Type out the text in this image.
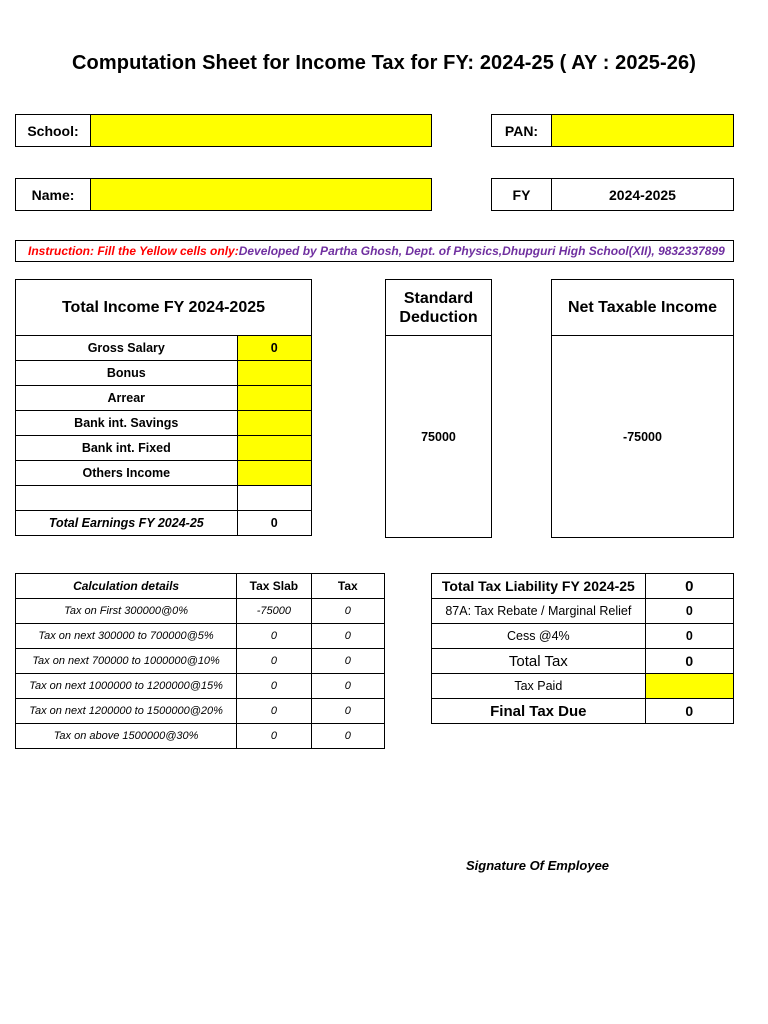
Computation Sheet for Income Tax for FY: 2024-25 ( AY : 2025-26)
School:	PAN:
Name:	FY	2024-2025
Instruction: Fill the Yellow cells only: Developed by Partha Ghosh, Dept. of Physics,Dhupguri High School(XII), 9832337899
Total Income FY 2024-2025	
Gross Salary	0
Bonus	
Arrear	
Bank int. Savings	
Bank int. Fixed	
Others Income	

Total Earnings FY 2024-25	0
Standard Deduction
75000
Net Taxable Income
-75000
Calculation details	Tax Slab	Tax
Tax on First 300000@0%	-75000	0
Tax on next 300000 to 700000@5%	0	0
Tax on next 700000 to 1000000@10%	0	0
Tax on next 1000000 to 1200000@15%	0	0
Tax on next 1200000 to 1500000@20%	0	0
Tax on above 1500000@30%	0	0
Total Tax Liability FY 2024-25	0
87A: Tax Rebate / Marginal Relief	0
Cess @4%	0
Total Tax	0
Tax Paid	
Final Tax Due	0
Signature Of Employee
